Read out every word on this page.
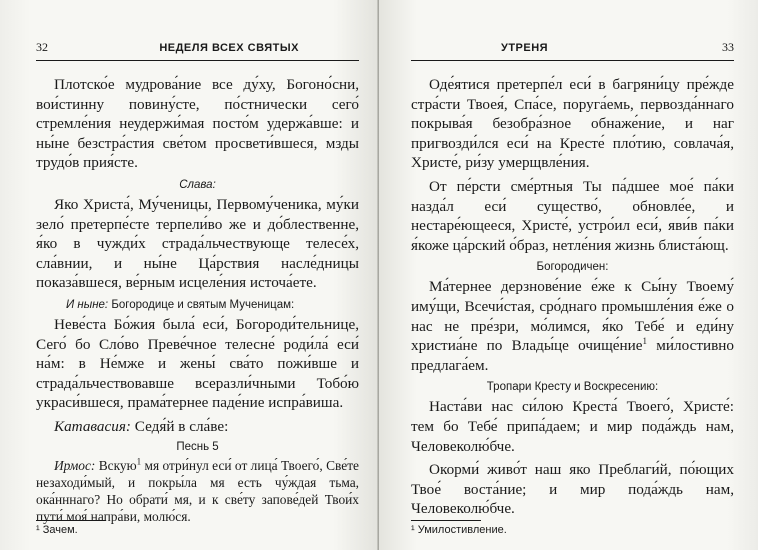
32	НЕДЕЛЯ ВСЕХ СВЯТЫХ

Плотско́е мудрова́ние все ду́ху, Богоно́сни, вои́стинну повину́сте, по́стнически сего́ стремле́ния неудержи́мая посто́м удержа́вше: и ны́не безстра́стия све́том просвети́вшеся, мзды трудо́в прия́сте.

Слава:

Яко Христа́, Му́ченицы, Первому́ченика, му́ки зело́ претерпе́сте терпели́во же и до́блественне, я́ко в чужди́х страда́льчествующе телесе́х, сла́внии, и ны́не Ца́рствия насле́дницы показа́вшеся, ве́рным исцеле́ния источа́ете.

И ныне: Богородице и святым Мученицам:

Неве́ста Бо́жия была́ еси́, Богороди́тельнице, Сего́ бо Сло́во Преве́чное телесне́ роди́ла́ еси́ на́м: в Не́мже и жены́ сва́то пожи́вше и страда́льчествовавше всеразли́чными Тобо́ю украси́вшеся, прама́тернее паде́ние испра́виша.

Катавасия: Седя́й в сла́ве:
Песнь 5

Ирмос: Вскую$^1$ мя отри́нул еси́ от лица́ Твоего́, Све́те незаходи́мый, и покры́ла мя есть чу́ждая тьма, ока́нннаго? Но обрати́ мя, и к све́ту запове́дей Твои́х пути́ моя́ напра́ви, молю́ся.

¹ Зачем.
УТРЕНЯ	33

Оде́ятися претерпе́л еси́ в багряни́цу пре́жде стра́сти Твоея́, Спа́се, поруга́емь, первозда́ннаго покрыва́я безобра́зное обнаже́ние, и наг пригвозди́лся еси́ на Кресте́ пло́тию, совлача́я, Христе́, ри́зу умерщвле́ния.

От пе́рсти сме́ртныя Ты па́дшее мое́ па́ки назда́л еси́ существо́, обновле́е, и нестаре́ющееся, Христе́, устро́ил еси́, яви́в па́ки я́коже ца́рский о́браз, нетле́ния жизнь блиста́ющ.

Богородичен:

Ма́тернее дерзнове́ние е́же к Сы́ну Твоему́ иму́щи, Всечи́стая, сро́днаго промышле́ния е́же о нас не пре́зри, мо́лимся, я́ко Тебе́ и еди́ну христиа́не по Влады́це очище́ние$^1$ ми́лостивно предлага́ем.

Тропари Кресту и Воскресению:

Наста́ви нас си́лою Креста́ Твоего́, Христе́: тем бо Тебе́ припа́даем; и мир пода́ждь нам, Человеколю́бче.

Окорми́ живо́т наш яко Преблаги́й, по́ющих Твое́ воста́ние; и мир пода́ждь нам, Человеколю́бче.

¹ Умилостивление.
